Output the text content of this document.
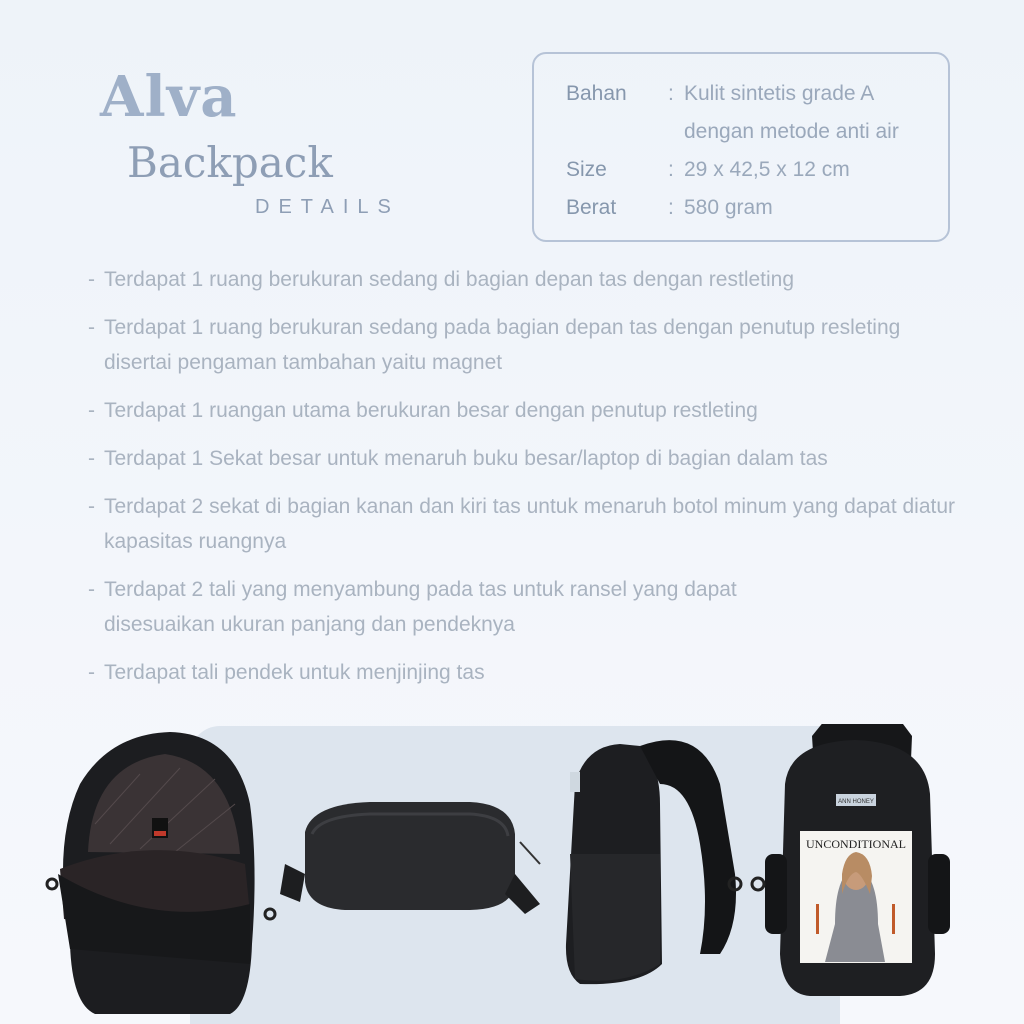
Alva
Backpack
DETAILS
Bahan : Kulit sintetis grade A
dengan metode anti air
Size	: 29 x 42,5 x 12 cm
Berat : 580 gram
- Terdapat 1 ruang berukuran sedang di bagian depan tas dengan restleting
- Terdapat 1 ruang berukuran sedang pada bagian depan tas dengan penutup resleting disertai pengaman tambahan yaitu magnet
- Terdapat 1 ruangan utama berukuran besar dengan penutup restleting
- Terdapat 1 Sekat besar untuk menaruh buku besar/laptop di bagian dalam tas
- Terdapat 2 sekat di bagian kanan dan kiri tas untuk menaruh botol minum yang dapat diatur kapasitas ruangnya
- Terdapat 2 tali yang menyambung pada tas untuk ransel yang dapat disesuaikan ukuran panjang dan pendeknya
- Terdapat tali pendek untuk menjinjing tas
ANN HONEY
UNCONDITIONAL
